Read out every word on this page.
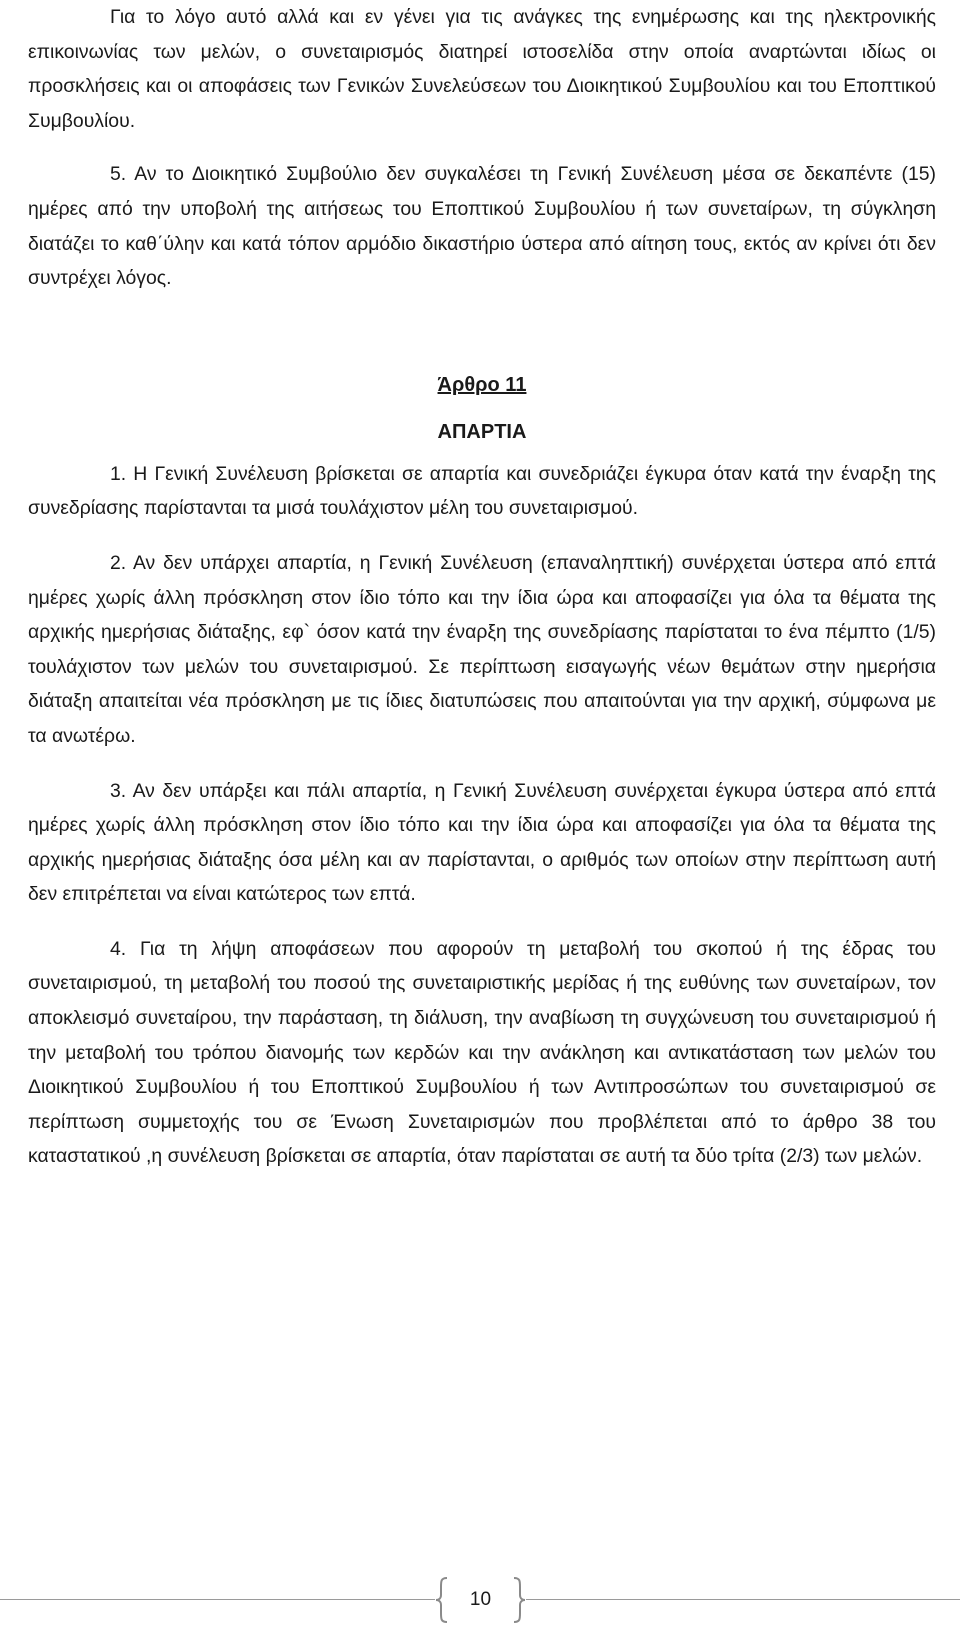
Για το λόγο αυτό αλλά και εν γένει για τις ανάγκες της ενημέρωσης και της ηλεκτρονικής επικοινωνίας των μελών, ο συνεταιρισμός διατηρεί ιστοσελίδα στην οποία αναρτώνται ιδίως οι προσκλήσεις και οι αποφάσεις των Γενικών Συνελεύσεων του Διοικητικού Συμβουλίου και του Εποπτικού Συμβουλίου.

5. Αν το Διοικητικό Συμβούλιο δεν συγκαλέσει τη Γενική Συνέλευση μέσα σε δεκαπέντε (15) ημέρες από την υποβολή της αιτήσεως του Εποπτικού Συμβουλίου ή των συνεταίρων, τη σύγκληση διατάζει το καθ΄ύλην και κατά τόπον αρμόδιο δικαστήριο ύστερα από αίτηση τους, εκτός αν κρίνει ότι δεν συντρέχει λόγος.

Άρθρο 11
ΑΠΑΡΤΙΑ

1. Η Γενική Συνέλευση βρίσκεται σε απαρτία και συνεδριάζει έγκυρα όταν κατά την έναρξη της συνεδρίασης παρίστανται τα μισά τουλάχιστον μέλη του συνεταιρισμού.

2. Αν δεν υπάρχει απαρτία, η Γενική Συνέλευση (επαναληπτική) συνέρχεται ύστερα από επτά ημέρες χωρίς άλλη πρόσκληση στον ίδιο τόπο και την ίδια ώρα και αποφασίζει για όλα τα θέματα της αρχικής ημερήσιας διάταξης, εφ` όσον κατά την έναρξη της συνεδρίασης παρίσταται το ένα πέμπτο (1/5) τουλάχιστον των μελών του συνεταιρισμού. Σε περίπτωση εισαγωγής νέων θεμάτων στην ημερήσια διάταξη απαιτείται νέα πρόσκληση με τις ίδιες διατυπώσεις που απαιτούνται για την αρχική, σύμφωνα με τα ανωτέρω.

3. Αν δεν υπάρξει και πάλι απαρτία, η Γενική Συνέλευση συνέρχεται έγκυρα ύστερα από επτά ημέρες χωρίς άλλη πρόσκληση στον ίδιο τόπο και την ίδια ώρα και αποφασίζει για όλα τα θέματα της αρχικής ημερήσιας διάταξης όσα μέλη και αν παρίστανται, ο αριθμός των οποίων στην περίπτωση αυτή δεν επιτρέπεται να είναι κατώτερος των επτά.

4. Για τη λήψη αποφάσεων που αφορούν τη μεταβολή του σκοπού ή της έδρας του συνεταιρισμού, τη μεταβολή του ποσού της συνεταιριστικής μερίδας ή της ευθύνης των συνεταίρων, τον αποκλεισμό συνεταίρου, την παράσταση, τη διάλυση, την αναβίωση τη συγχώνευση του συνεταιρισμού ή την μεταβολή του τρόπου διανομής των κερδών και την ανάκληση και αντικατάσταση των μελών του Διοικητικού Συμβουλίου ή του Εποπτικού Συμβουλίου ή των Αντιπροσώπων του συνεταιρισμού σε περίπτωση συμμετοχής του σε Ένωση Συνεταιρισμών που προβλέπεται από το άρθρο 38 του καταστατικού ,η συνέλευση βρίσκεται σε απαρτία, όταν παρίσταται σε αυτή τα δύο τρίτα (2/3) των μελών.

10
